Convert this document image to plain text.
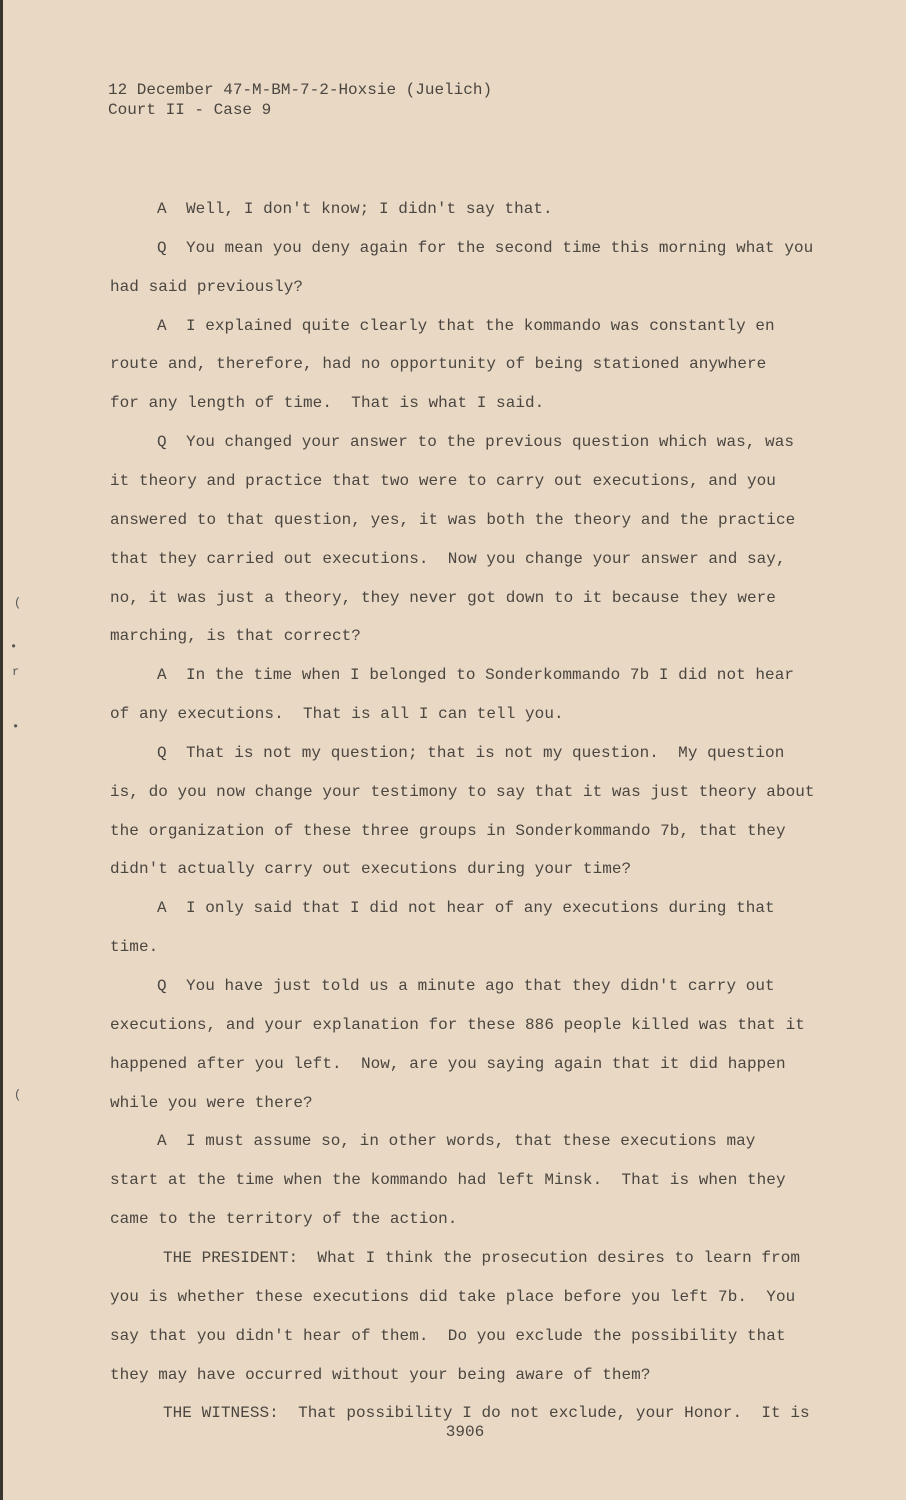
12 December 47-M-BM-7-2-Hoxsie (Juelich)
Court II - Case 9
A  Well, I don't know; I didn't say that.
Q  You mean you deny again for the second time this morning what you
had said previously?
A  I explained quite clearly that the kommando was constantly en
route and, therefore, had no opportunity of being stationed anywhere
for any length of time.  That is what I said.
Q  You changed your answer to the previous question which was, was
it theory and practice that two were to carry out executions, and you
answered to that question, yes, it was both the theory and the practice
that they carried out executions.  Now you change your answer and say,
no, it was just a theory, they never got down to it because they were
marching, is that correct?
A  In the time when I belonged to Sonderkommando 7b I did not hear
of any executions.  That is all I can tell you.
Q  That is not my question; that is not my question.  My question
is, do you now change your testimony to say that it was just theory about
the organization of these three groups in Sonderkommando 7b, that they
didn't actually carry out executions during your time?
A  I only said that I did not hear of any executions during that
time.
Q  You have just told us a minute ago that they didn't carry out
executions, and your explanation for these 886 people killed was that it
happened after you left.  Now, are you saying again that it did happen
while you were there?
A  I must assume so, in other words, that these executions may
start at the time when the kommando had left Minsk.  That is when they
came to the territory of the action.
THE PRESIDENT:  What I think the prosecution desires to learn from
you is whether these executions did take place before you left 7b.  You
say that you didn't hear of them.  Do you exclude the possibility that
they may have occurred without your being aware of them?
THE WITNESS:  That possibility I do not exclude, your Honor.  It is
3906
(
•
r
•
(
